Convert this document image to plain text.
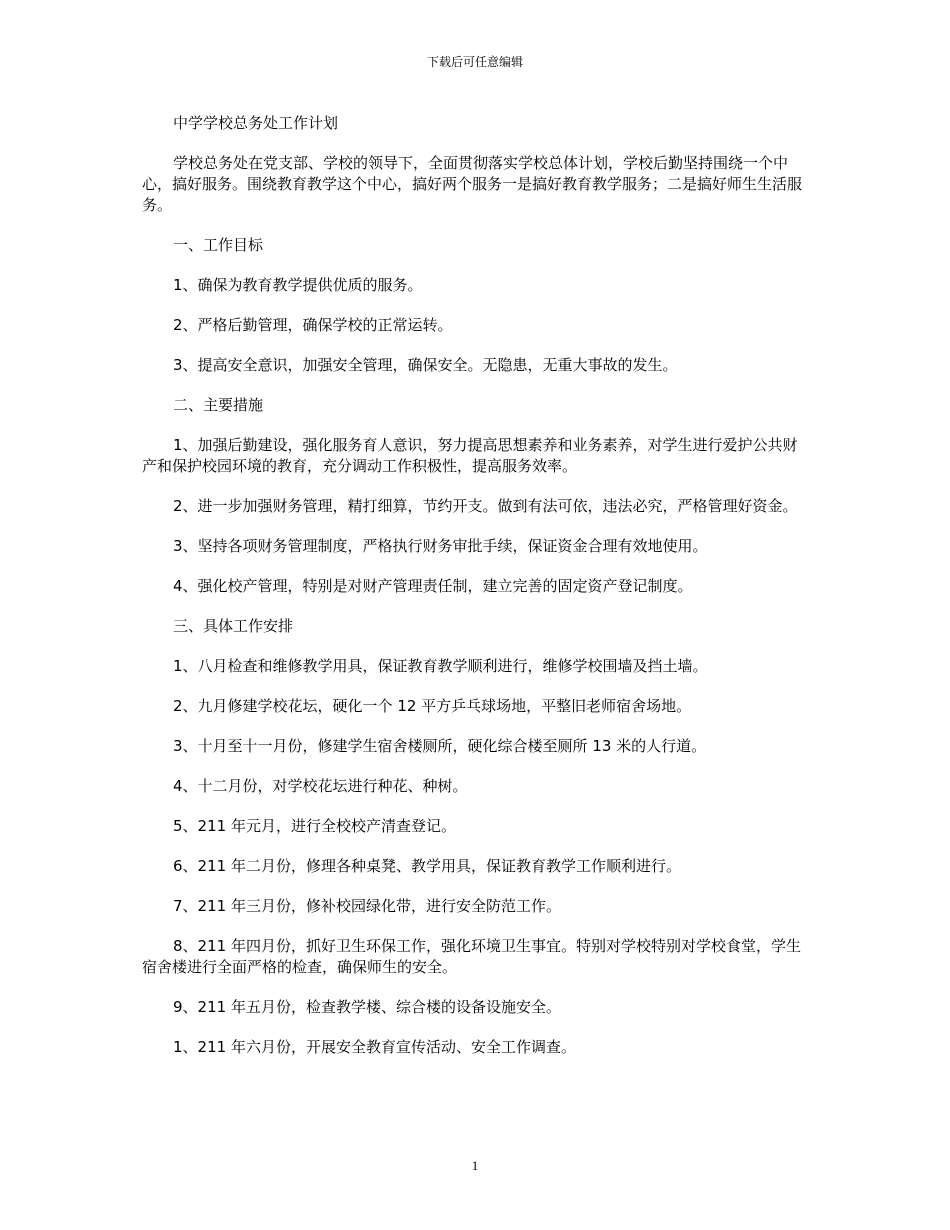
下载后可任意编辑

中学学校总务处工作计划

学校总务处在党支部、学校的领导下，全面贯彻落实学校总体计划，学校后勤坚持围绕一个中心，搞好服务。围绕教育教学这个中心，搞好两个服务一是搞好教育教学服务；二是搞好师生生活服务。

一、工作目标

1、确保为教育教学提供优质的服务。

2、严格后勤管理，确保学校的正常运转。

3、提高安全意识，加强安全管理，确保安全。无隐患，无重大事故的发生。

二、主要措施

1、加强后勤建设，强化服务育人意识，努力提高思想素养和业务素养，对学生进行爱护公共财产和保护校园环境的教育，充分调动工作积极性，提高服务效率。

2、进一步加强财务管理，精打细算，节约开支。做到有法可依，违法必究，严格管理好资金。

3、坚持各项财务管理制度，严格执行财务审批手续，保证资金合理有效地使用。

4、强化校产管理，特别是对财产管理责任制，建立完善的固定资产登记制度。

三、具体工作安排

1、八月检查和维修教学用具，保证教育教学顺利进行，维修学校围墙及挡土墙。

2、九月修建学校花坛，硬化一个 12 平方乒乓球场地，平整旧老师宿舍场地。

3、十月至十一月份，修建学生宿舍楼厕所，硬化综合楼至厕所 13 米的人行道。

4、十二月份，对学校花坛进行种花、种树。

5、211 年元月，进行全校校产清查登记。

6、211 年二月份，修理各种桌凳、教学用具，保证教育教学工作顺利进行。

7、211 年三月份，修补校园绿化带，进行安全防范工作。

8、211 年四月份，抓好卫生环保工作，强化环境卫生事宜。特别对学校特别对学校食堂，学生宿舍楼进行全面严格的检查，确保师生的安全。

9、211 年五月份，检查教学楼、综合楼的设备设施安全。

1、211 年六月份，开展安全教育宣传活动、安全工作调查。

1
